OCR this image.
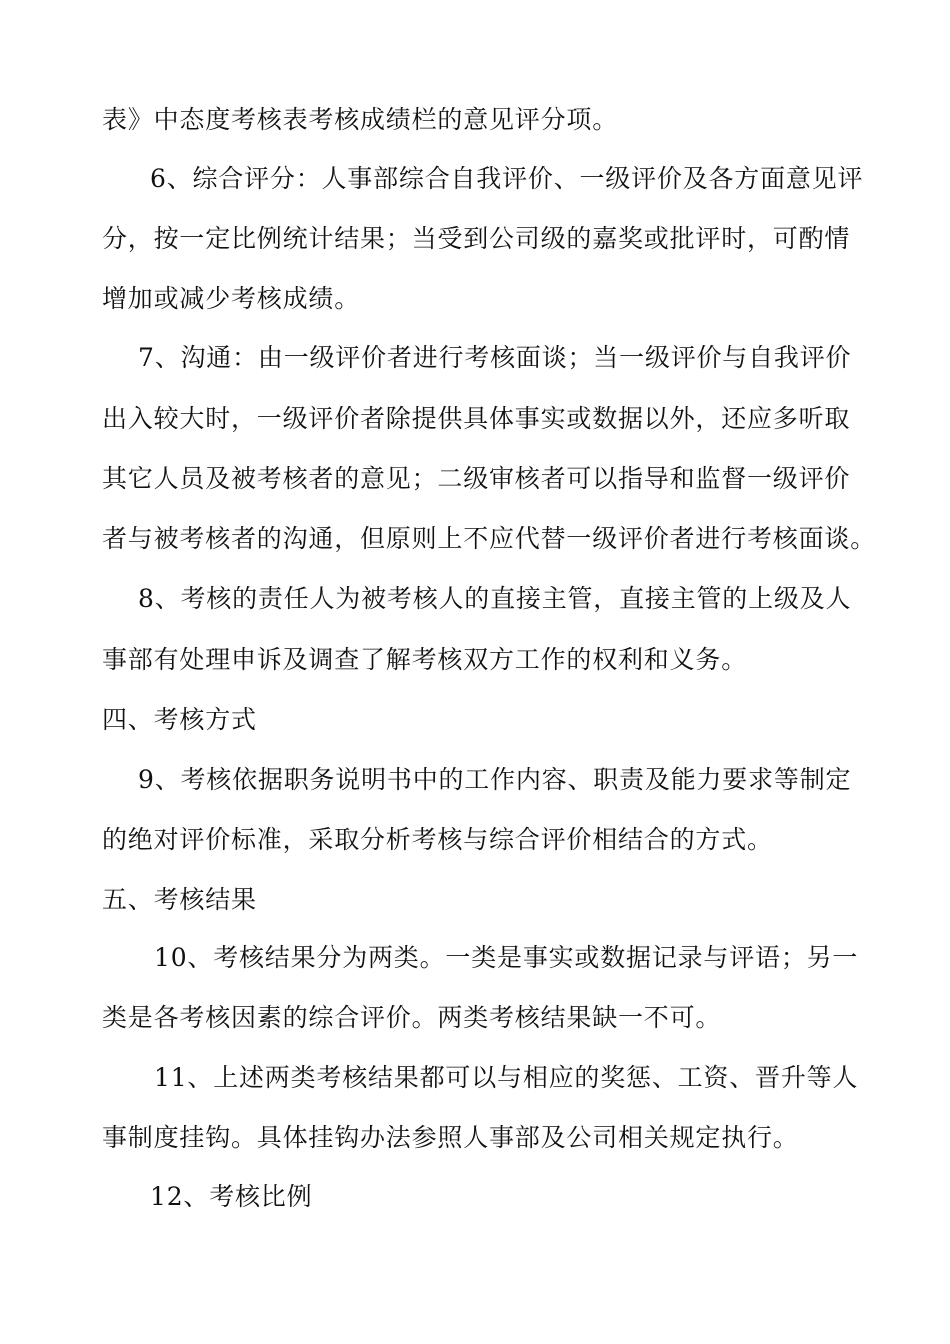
表》中态度考核表考核成绩栏的意见评分项。
6、综合评分：人事部综合自我评价、一级评价及各方面意见评
分，按一定比例统计结果；当受到公司级的嘉奖或批评时，可酌情
增加或减少考核成绩。
7、沟通：由一级评价者进行考核面谈；当一级评价与自我评价
出入较大时，一级评价者除提供具体事实或数据以外，还应多听取
其它人员及被考核者的意见；二级审核者可以指导和监督一级评价
者与被考核者的沟通，但原则上不应代替一级评价者进行考核面谈。
8、考核的责任人为被考核人的直接主管，直接主管的上级及人
事部有处理申诉及调查了解考核双方工作的权利和义务。
四、考核方式
9、考核依据职务说明书中的工作内容、职责及能力要求等制定
的绝对评价标准，采取分析考核与综合评价相结合的方式。
五、考核结果
10、考核结果分为两类。一类是事实或数据记录与评语；另一
类是各考核因素的综合评价。两类考核结果缺一不可。
11、上述两类考核结果都可以与相应的奖惩、工资、晋升等人
事制度挂钩。具体挂钩办法参照人事部及公司相关规定执行。
12、考核比例
